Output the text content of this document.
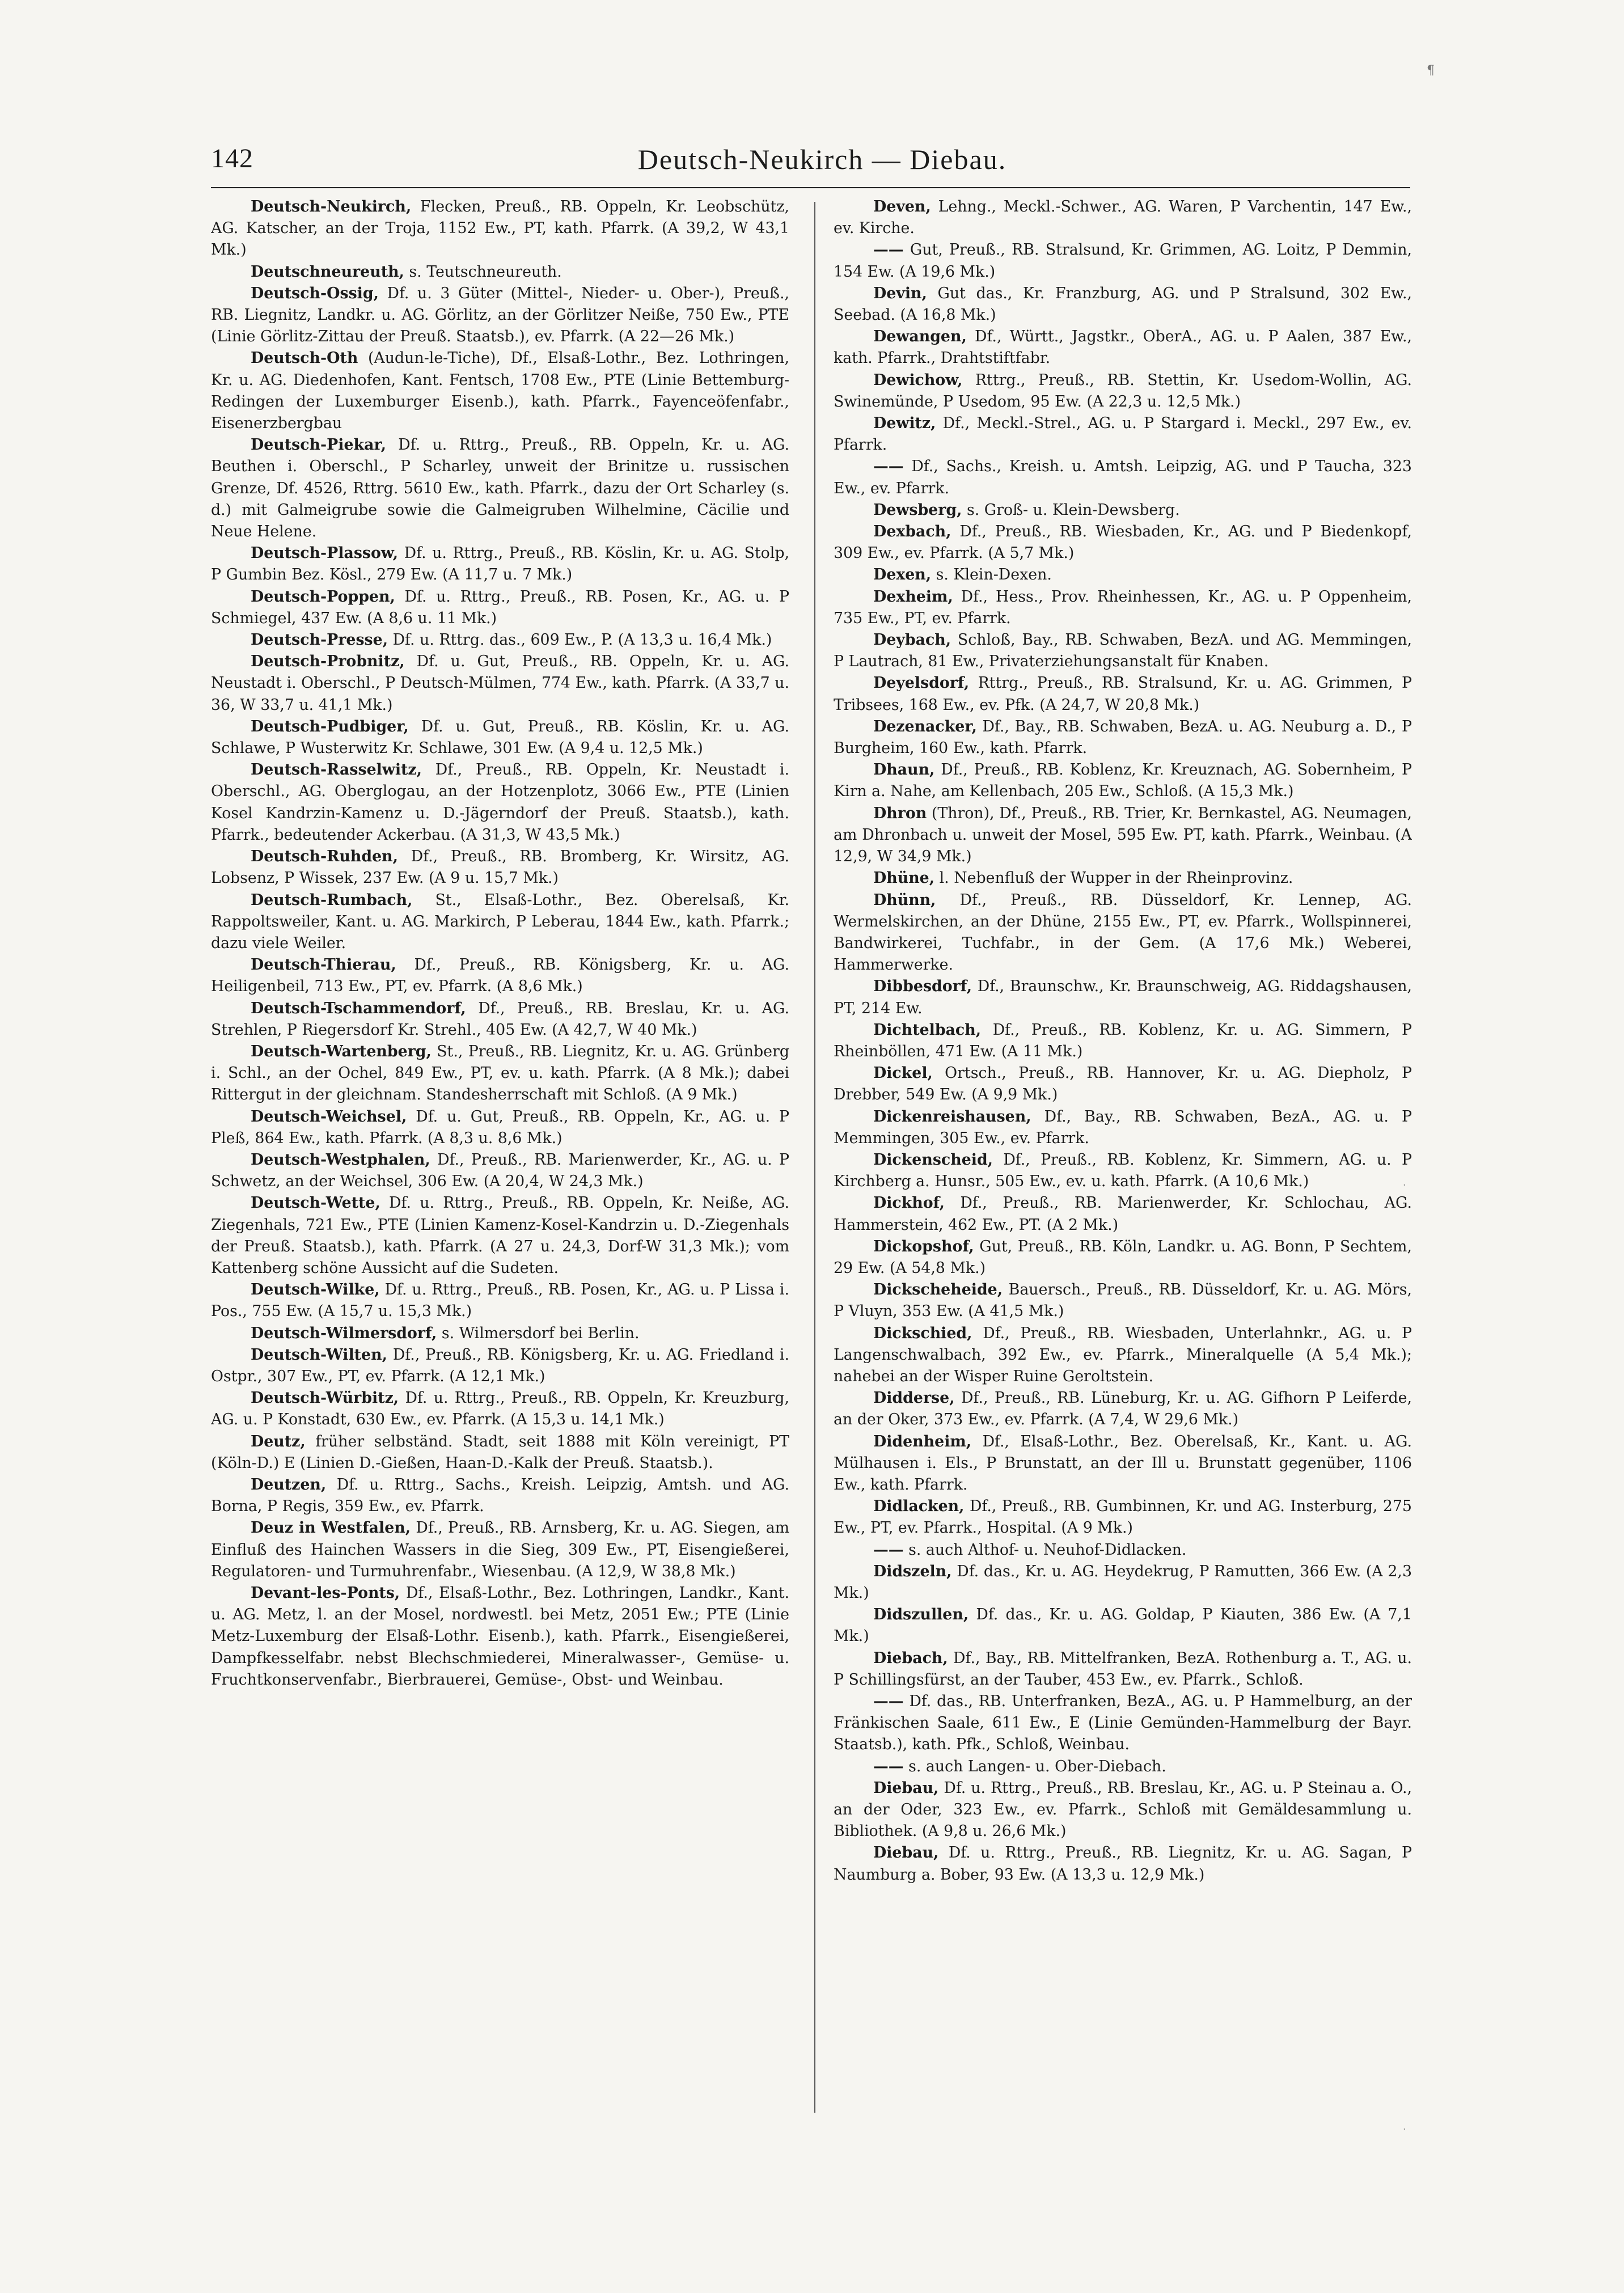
¶
·
·
142	Deutsch-Neukirch — Diebau.

Deutsch-Neukirch, Flecken, Preuß., RB. Oppeln, Kr. Leobschütz, AG. Katscher, an der Troja, 1152 Ew., PT, kath. Pfarrk. (A 39,2, W 43,1 Mk.)

Deutschneureuth, s. Teutschneureuth.

Deutsch-Ossig, Df. u. 3 Güter (Mittel-, Nieder- u. Ober-), Preuß., RB. Liegnitz, Landkr. u. AG. Görlitz, an der Görlitzer Neiße, 750 Ew., PTE (Linie Görlitz-Zittau der Preuß. Staatsb.), ev. Pfarrk. (A 22—26 Mk.)

Deutsch-Oth (Audun-le-Tiche), Df., Elsaß-Lothr., Bez. Lothringen, Kr. u. AG. Diedenhofen, Kant. Fentsch, 1708 Ew., PTE (Linie Bettemburg-Redingen der Luxemburger Eisenb.), kath. Pfarrk., Fayenceöfenfabr., Eisenerzbergbau

Deutsch-Piekar, Df. u. Rttrg., Preuß., RB. Oppeln, Kr. u. AG. Beuthen i. Oberschl., P Scharley, unweit der Brinitze u. russischen Grenze, Df. 4526, Rttrg. 5610 Ew., kath. Pfarrk., dazu der Ort Scharley (s. d.) mit Galmeigrube sowie die Galmeigruben Wilhelmine, Cäcilie und Neue Helene.

Deutsch-Plassow, Df. u. Rttrg., Preuß., RB. Köslin, Kr. u. AG. Stolp, P Gumbin Bez. Kösl., 279 Ew. (A 11,7 u. 7 Mk.)

Deutsch-Poppen, Df. u. Rttrg., Preuß., RB. Posen, Kr., AG. u. P Schmiegel, 437 Ew. (A 8,6 u. 11 Mk.)

Deutsch-Presse, Df. u. Rttrg. das., 609 Ew., P. (A 13,3 u. 16,4 Mk.)

Deutsch-Probnitz, Df. u. Gut, Preuß., RB. Oppeln, Kr. u. AG. Neustadt i. Oberschl., P Deutsch-Mülmen, 774 Ew., kath. Pfarrk. (A 33,7 u. 36, W 33,7 u. 41,1 Mk.)

Deutsch-Pudbiger, Df. u. Gut, Preuß., RB. Köslin, Kr. u. AG. Schlawe, P Wusterwitz Kr. Schlawe, 301 Ew. (A 9,4 u. 12,5 Mk.)

Deutsch-Rasselwitz, Df., Preuß., RB. Oppeln, Kr. Neustadt i. Oberschl., AG. Oberglogau, an der Hotzenplotz, 3066 Ew., PTE (Linien Kosel Kandrzin-Kamenz u. D.-Jägerndorf der Preuß. Staatsb.), kath. Pfarrk., bedeutender Ackerbau. (A 31,3, W 43,5 Mk.)

Deutsch-Ruhden, Df., Preuß., RB. Bromberg, Kr. Wirsitz, AG. Lobsenz, P Wissek, 237 Ew. (A 9 u. 15,7 Mk.)

Deutsch-Rumbach, St., Elsaß-Lothr., Bez. Oberelsaß, Kr. Rappoltsweiler, Kant. u. AG. Markirch, P Leberau, 1844 Ew., kath. Pfarrk.; dazu viele Weiler.

Deutsch-Thierau, Df., Preuß., RB. Königsberg, Kr. u. AG. Heiligenbeil, 713 Ew., PT, ev. Pfarrk. (A 8,6 Mk.)

Deutsch-Tschammendorf, Df., Preuß., RB. Breslau, Kr. u. AG. Strehlen, P Riegersdorf Kr. Strehl., 405 Ew. (A 42,7, W 40 Mk.)

Deutsch-Wartenberg, St., Preuß., RB. Liegnitz, Kr. u. AG. Grünberg i. Schl., an der Ochel, 849 Ew., PT, ev. u. kath. Pfarrk. (A 8 Mk.); dabei Rittergut in der gleichnam. Standesherrschaft mit Schloß. (A 9 Mk.)

Deutsch-Weichsel, Df. u. Gut, Preuß., RB. Oppeln, Kr., AG. u. P Pleß, 864 Ew., kath. Pfarrk. (A 8,3 u. 8,6 Mk.)

Deutsch-Westphalen, Df., Preuß., RB. Marienwerder, Kr., AG. u. P Schwetz, an der Weichsel, 306 Ew. (A 20,4, W 24,3 Mk.)

Deutsch-Wette, Df. u. Rttrg., Preuß., RB. Oppeln, Kr. Neiße, AG. Ziegenhals, 721 Ew., PTE (Linien Kamenz-Kosel-Kandrzin u. D.-Ziegenhals der Preuß. Staatsb.), kath. Pfarrk. (A 27 u. 24,3, Dorf-W 31,3 Mk.); vom Kattenberg schöne Aussicht auf die Sudeten.

Deutsch-Wilke, Df. u. Rttrg., Preuß., RB. Posen, Kr., AG. u. P Lissa i. Pos., 755 Ew. (A 15,7 u. 15,3 Mk.)

Deutsch-Wilmersdorf, s. Wilmersdorf bei Berlin.

Deutsch-Wilten, Df., Preuß., RB. Königsberg, Kr. u. AG. Friedland i. Ostpr., 307 Ew., PT, ev. Pfarrk. (A 12,1 Mk.)

Deutsch-Würbitz, Df. u. Rttrg., Preuß., RB. Oppeln, Kr. Kreuzburg, AG. u. P Konstadt, 630 Ew., ev. Pfarrk. (A 15,3 u. 14,1 Mk.)

Deutz, früher selbständ. Stadt, seit 1888 mit Köln vereinigt, PT (Köln-D.) E (Linien D.-Gießen, Haan-D.-Kalk der Preuß. Staatsb.).

Deutzen, Df. u. Rttrg., Sachs., Kreish. Leipzig, Amtsh. und AG. Borna, P Regis, 359 Ew., ev. Pfarrk.

Deuz in Westfalen, Df., Preuß., RB. Arnsberg, Kr. u. AG. Siegen, am Einfluß des Hainchen Wassers in die Sieg, 309 Ew., PT, Eisengießerei, Regulatoren- und Turmuhrenfabr., Wiesenbau. (A 12,9, W 38,8 Mk.)

Devant-les-Ponts, Df., Elsaß-Lothr., Bez. Lothringen, Landkr., Kant. u. AG. Metz, l. an der Mosel, nordwestl. bei Metz, 2051 Ew.; PTE (Linie Metz-Luxemburg der Elsaß-Lothr. Eisenb.), kath. Pfarrk., Eisengießerei, Dampfkesselfabr. nebst Blechschmiederei, Mineralwasser-, Gemüse- u. Fruchtkonservenfabr., Bierbrauerei, Gemüse-, Obst- und Weinbau.

Deven, Lehng., Meckl.-Schwer., AG. Waren, P Varchentin, 147 Ew., ev. Kirche.

—— Gut, Preuß., RB. Stralsund, Kr. Grimmen, AG. Loitz, P Demmin, 154 Ew. (A 19,6 Mk.)

Devin, Gut das., Kr. Franzburg, AG. und P Stralsund, 302 Ew., Seebad. (A 16,8 Mk.)

Dewangen, Df., Württ., Jagstkr., OberA., AG. u. P Aalen, 387 Ew., kath. Pfarrk., Drahtstiftfabr.

Dewichow, Rttrg., Preuß., RB. Stettin, Kr. Usedom-Wollin, AG. Swinemünde, P Usedom, 95 Ew. (A 22,3 u. 12,5 Mk.)

Dewitz, Df., Meckl.-Strel., AG. u. P Stargard i. Meckl., 297 Ew., ev. Pfarrk.

—— Df., Sachs., Kreish. u. Amtsh. Leipzig, AG. und P Taucha, 323 Ew., ev. Pfarrk.

Dewsberg, s. Groß- u. Klein-Dewsberg.

Dexbach, Df., Preuß., RB. Wiesbaden, Kr., AG. und P Biedenkopf, 309 Ew., ev. Pfarrk. (A 5,7 Mk.)

Dexen, s. Klein-Dexen.

Dexheim, Df., Hess., Prov. Rheinhessen, Kr., AG. u. P Oppenheim, 735 Ew., PT, ev. Pfarrk.

Deybach, Schloß, Bay., RB. Schwaben, BezA. und AG. Memmingen, P Lautrach, 81 Ew., Privaterziehungsanstalt für Knaben.

Deyelsdorf, Rttrg., Preuß., RB. Stralsund, Kr. u. AG. Grimmen, P Tribsees, 168 Ew., ev. Pfk. (A 24,7, W 20,8 Mk.)

Dezenacker, Df., Bay., RB. Schwaben, BezA. u. AG. Neuburg a. D., P Burgheim, 160 Ew., kath. Pfarrk.

Dhaun, Df., Preuß., RB. Koblenz, Kr. Kreuznach, AG. Sobernheim, P Kirn a. Nahe, am Kellenbach, 205 Ew., Schloß. (A 15,3 Mk.)

Dhron (Thron), Df., Preuß., RB. Trier, Kr. Bernkastel, AG. Neumagen, am Dhronbach u. unweit der Mosel, 595 Ew. PT, kath. Pfarrk., Weinbau. (A 12,9, W 34,9 Mk.)

Dhüne, l. Nebenfluß der Wupper in der Rheinprovinz.

Dhünn, Df., Preuß., RB. Düsseldorf, Kr. Lennep, AG. Wermelskirchen, an der Dhüne, 2155 Ew., PT, ev. Pfarrk., Wollspinnerei, Bandwirkerei, Tuchfabr., in der Gem. (A 17,6 Mk.) Weberei, Hammerwerke.

Dibbesdorf, Df., Braunschw., Kr. Braunschweig, AG. Riddagshausen, PT, 214 Ew.

Dichtelbach, Df., Preuß., RB. Koblenz, Kr. u. AG. Simmern, P Rheinböllen, 471 Ew. (A 11 Mk.)

Dickel, Ortsch., Preuß., RB. Hannover, Kr. u. AG. Diepholz, P Drebber, 549 Ew. (A 9,9 Mk.)

Dickenreishausen, Df., Bay., RB. Schwaben, BezA., AG. u. P Memmingen, 305 Ew., ev. Pfarrk.

Dickenscheid, Df., Preuß., RB. Koblenz, Kr. Simmern, AG. u. P Kirchberg a. Hunsr., 505 Ew., ev. u. kath. Pfarrk. (A 10,6 Mk.)

Dickhof, Df., Preuß., RB. Marienwerder, Kr. Schlochau, AG. Hammerstein, 462 Ew., PT. (A 2 Mk.)

Dickopshof, Gut, Preuß., RB. Köln, Landkr. u. AG. Bonn, P Sechtem, 29 Ew. (A 54,8 Mk.)

Dickscheheide, Bauersch., Preuß., RB. Düsseldorf, Kr. u. AG. Mörs, P Vluyn, 353 Ew. (A 41,5 Mk.)

Dickschied, Df., Preuß., RB. Wiesbaden, Unterlahnkr., AG. u. P Langenschwalbach, 392 Ew., ev. Pfarrk., Mineralquelle (A 5,4 Mk.); nahebei an der Wisper Ruine Geroltstein.

Didderse, Df., Preuß., RB. Lüneburg, Kr. u. AG. Gifhorn P Leiferde, an der Oker, 373 Ew., ev. Pfarrk. (A 7,4, W 29,6 Mk.)

Didenheim, Df., Elsaß-Lothr., Bez. Oberelsaß, Kr., Kant. u. AG. Mülhausen i. Els., P Brunstatt, an der Ill u. Brunstatt gegenüber, 1106 Ew., kath. Pfarrk.

Didlacken, Df., Preuß., RB. Gumbinnen, Kr. und AG. Insterburg, 275 Ew., PT, ev. Pfarrk., Hospital. (A 9 Mk.)

—— s. auch Althof- u. Neuhof-Didlacken.

Didszeln, Df. das., Kr. u. AG. Heydekrug, P Ramutten, 366 Ew. (A 2,3 Mk.)

Didszullen, Df. das., Kr. u. AG. Goldap, P Kiauten, 386 Ew. (A 7,1 Mk.)

Diebach, Df., Bay., RB. Mittelfranken, BezA. Rothenburg a. T., AG. u. P Schillingsfürst, an der Tauber, 453 Ew., ev. Pfarrk., Schloß.

—— Df. das., RB. Unterfranken, BezA., AG. u. P Hammelburg, an der Fränkischen Saale, 611 Ew., E (Linie Gemünden-Hammelburg der Bayr. Staatsb.), kath. Pfk., Schloß, Weinbau.

—— s. auch Langen- u. Ober-Diebach.

Diebau, Df. u. Rttrg., Preuß., RB. Breslau, Kr., AG. u. P Steinau a. O., an der Oder, 323 Ew., ev. Pfarrk., Schloß mit Gemäldesammlung u. Bibliothek. (A 9,8 u. 26,6 Mk.)

Diebau, Df. u. Rttrg., Preuß., RB. Liegnitz, Kr. u. AG. Sagan, P Naumburg a. Bober, 93 Ew. (A 13,3 u. 12,9 Mk.)
